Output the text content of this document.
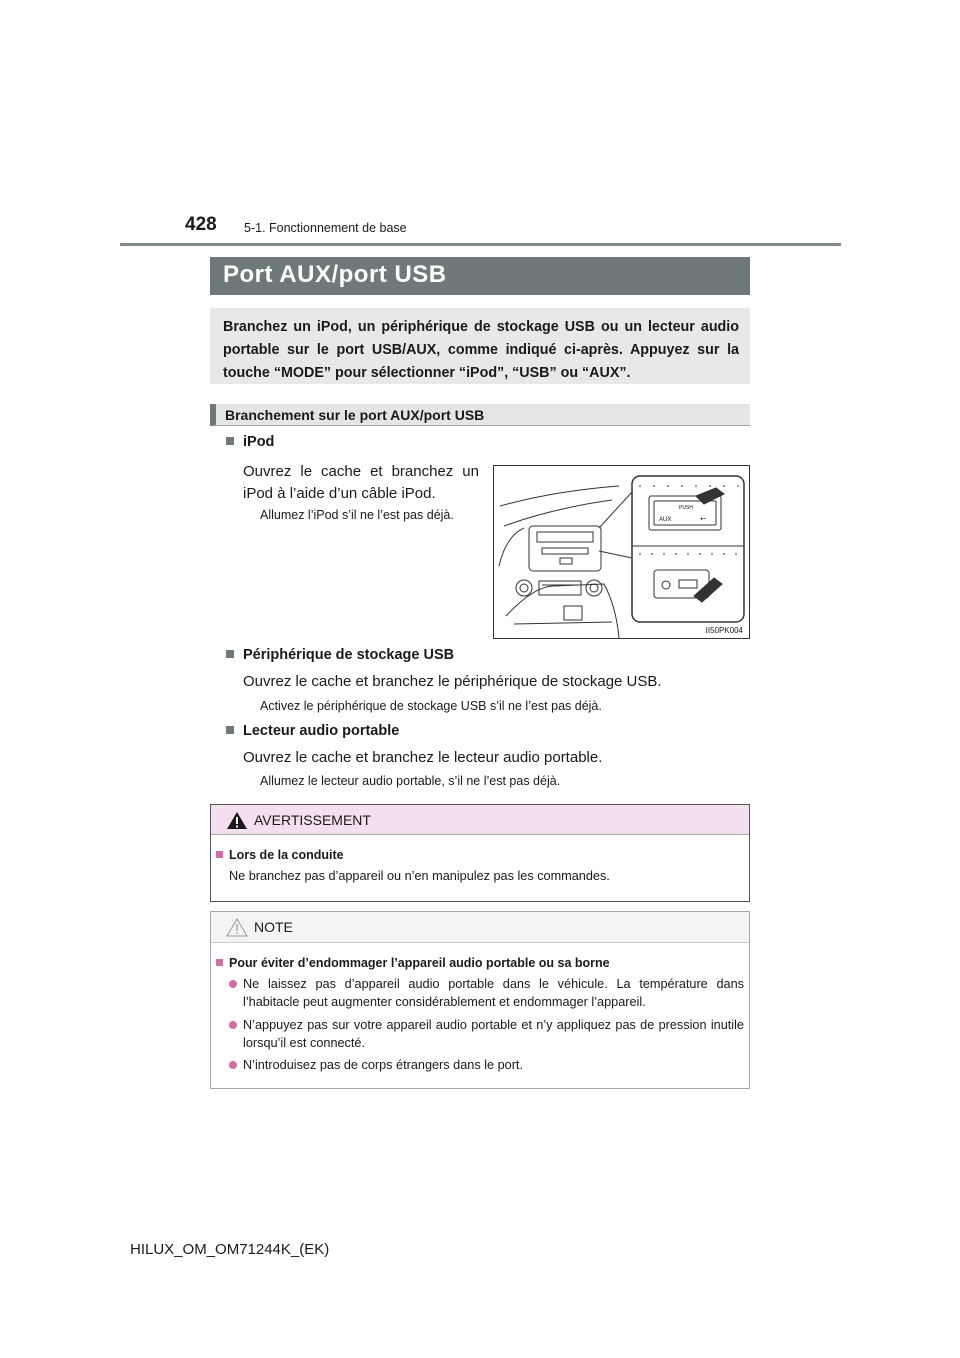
428 5-1. Fonctionnement de base
Port AUX/port USB
Branchez un iPod, un périphérique de stockage USB ou un lecteur audio portable sur le port USB/AUX, comme indiqué ci-après. Appuyez sur la touche “MODE” pour sélectionner “iPod”, “USB” ou “AUX”.
Branchement sur le port AUX/port USB
iPod
Ouvrez le cache et branchez un iPod à l’aide d’un câble iPod.
Allumez l’iPod s’il ne l’est pas déjà.	AUX
PUSH
⭠
II50PK004
Périphérique de stockage USB
Ouvrez le cache et branchez le périphérique de stockage USB.
Activez le périphérique de stockage USB s’il ne l’est pas déjà.
Lecteur audio portable
Ouvrez le cache et branchez le lecteur audio portable.
Allumez le lecteur audio portable, s’il ne l’est pas déjà.
AVERTISSEMENT
Lors de la conduite
Ne branchez pas d’appareil ou n’en manipulez pas les commandes.
NOTE
Pour éviter d’endommager l’appareil audio portable ou sa borne
Ne laissez pas d’appareil audio portable dans le véhicule. La température dans l’habitacle peut augmenter considérablement et endommager l’appareil.
N’appuyez pas sur votre appareil audio portable et n’y appliquez pas de pression inutile lorsqu’il est connecté.
N’introduisez pas de corps étrangers dans le port.
HILUX_OM_OM71244K_(EK)
